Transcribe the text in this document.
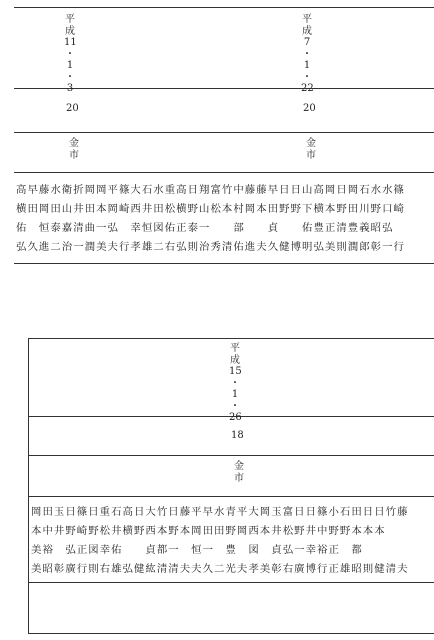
平
成
11
・
1
・
3
平
成
7
・
1
・
22
20	20
金
市
金
市
高早藤水衛折岡岡平篠大石水重高日翔富竹中藤藤早日日山高岡日岡石水水篠
横田岡田山井田本岡崎西井田松横野山松本村岡本田野野下横本野田川野口崎
佑　恒泰嘉清曲一弘　幸恒図佑正泰一　　部　　貞　　佑豊正清豊義昭弘
弘久進二治一潤美夫行孝雄二右弘則治秀清佑進夫久健博明弘美則潤郎彰一行
平
成
15
・
1
・
26
18
金
市
岡田玉日篠日重石高日大竹日藤平早水青平大岡玉富日日篠小石田日日竹藤
本中井野崎野松井横野西本野本岡田田野岡西本井松野井中野野本本本
美裕　弘正図幸佑　　貞都一　恒一　豊　図　貞弘一幸裕正　都
美昭彰廣行則右雄弘健紘清清夫夫久二光夫孝美彰右廣博行正雄昭則健清夫
